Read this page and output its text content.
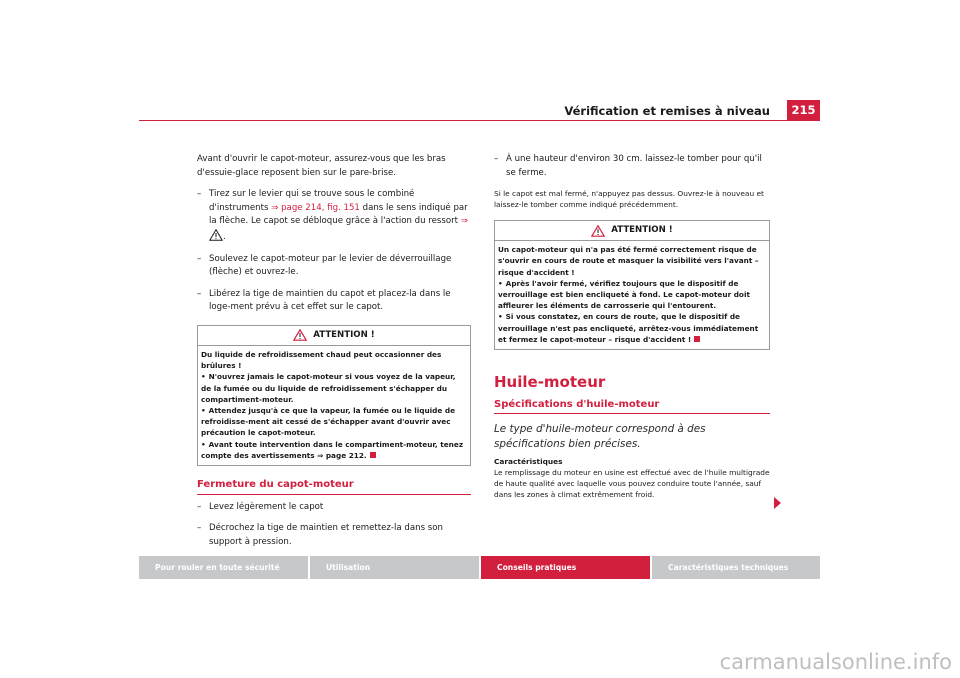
Vérification et remises à niveau	215

Avant d'ouvrir le capot-moteur, assurez-vous que les bras d'essuie-glace reposent bien sur le pare-brise.

– Tirez sur le levier qui se trouve sous le combiné d'instruments ⇒ page 214, fig. 151 dans le sens indiqué par la flèche. Le capot se débloque grâce à l'action du ressort ⇒ .
– Soulevez le capot-moteur par le levier de déverrouillage (flèche) et ouvrez-le.
– Libérez la tige de maintien du capot et placez-la dans le loge-ment prévu à cet effet sur le capot.
ATTENTION !
Du liquide de refroidissement chaud peut occasionner des brûlures !
• N'ouvrez jamais le capot-moteur si vous voyez de la vapeur, de la fumée ou du liquide de refroidissement s'échapper du compartiment-moteur.
• Attendez jusqu'à ce que la vapeur, la fumée ou le liquide de refroidisse-ment ait cessé de s'échapper avant d'ouvrir avec précaution le capot-moteur.
• Avant toute intervention dans le compartiment-moteur, tenez compte des avertissements ⇒ page 212.
Fermeture du capot-moteur
– Levez légèrement le capot
– Décrochez la tige de maintien et remettez-la dans son support à pression.
– À une hauteur d'environ 30 cm. laissez-le tomber pour qu'il se ferme.

Si le capot est mal fermé, n'appuyez pas dessus. Ouvrez-le à nouveau et laissez-le tomber comme indiqué précédemment.

ATTENTION !
Un capot-moteur qui n'a pas été fermé correctement risque de s'ouvrir en cours de route et masquer la visibilité vers l'avant – risque d'accident !
• Après l'avoir fermé, vérifiez toujours que le dispositif de verrouillage est bien encliqueté à fond. Le capot-moteur doit affleurer les éléments de carrosserie qui l'entourent.
• Si vous constatez, en cours de route, que le dispositif de verrouillage n'est pas encliqueté, arrêtez-vous immédiatement et fermez le capot-moteur – risque d'accident !
Huile-moteur
Spécifications d'huile-moteur

Le type d'huile-moteur correspond à des spécifications bien précises.

Caractéristiques

Le remplissage du moteur en usine est effectué avec de l'huile multigrade de haute qualité avec laquelle vous pouvez conduire toute l'année, sauf dans les zones à climat extrêmement froid.

Pour rouler en toute sécurité	Utilisation	Conseils pratiques	Caractéristiques techniques
carmanualsonline.info
